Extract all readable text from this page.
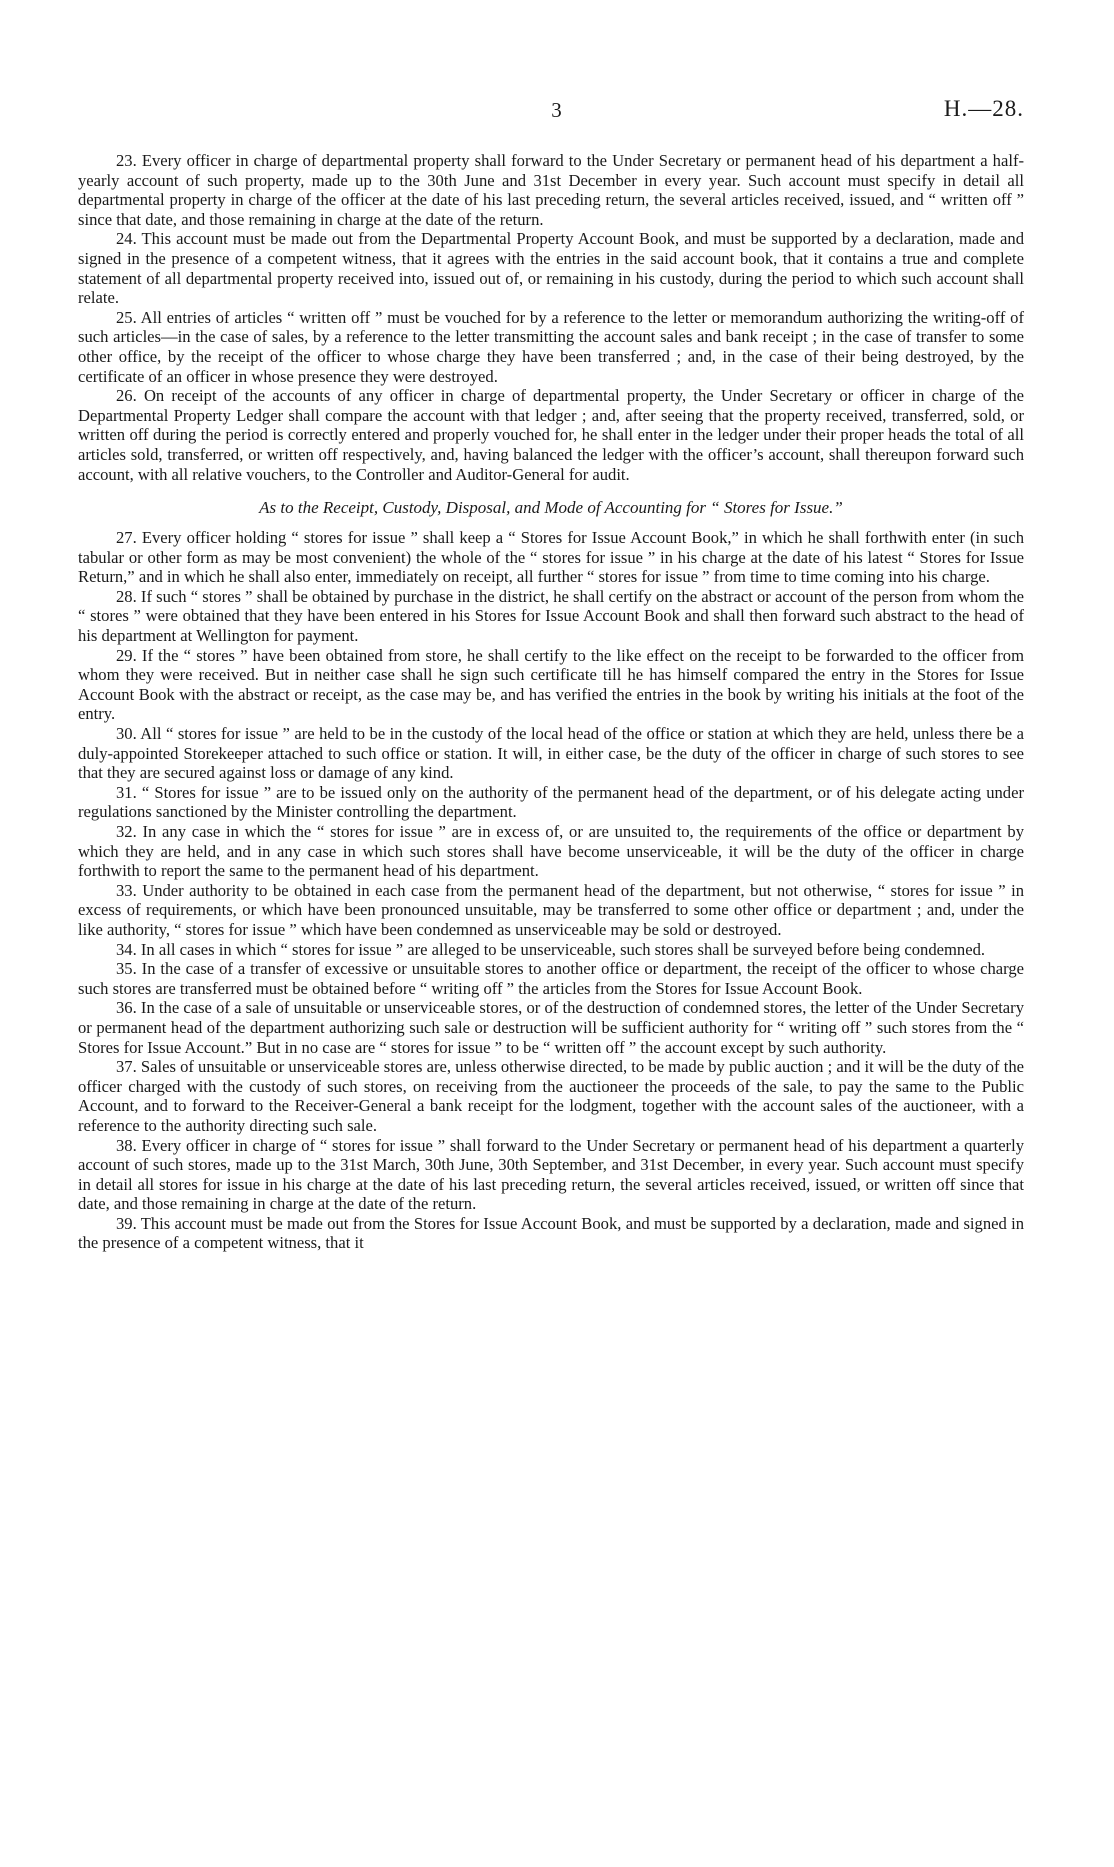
3	H.—28.

23. Every officer in charge of departmental property shall forward to the Under Secretary or permanent head of his department a half-yearly account of such property, made up to the 30th June and 31st December in every year. Such account must specify in detail all departmental property in charge of the officer at the date of his last preceding return, the several articles received, issued, and “ written off ” since that date, and those remaining in charge at the date of the return.

24. This account must be made out from the Departmental Property Account Book, and must be supported by a declaration, made and signed in the presence of a competent witness, that it agrees with the entries in the said account book, that it contains a true and complete statement of all departmental property received into, issued out of, or remaining in his custody, during the period to which such account shall relate.

25. All entries of articles “ written off ” must be vouched for by a reference to the letter or memorandum authorizing the writing-off of such articles—in the case of sales, by a reference to the letter transmitting the account sales and bank receipt ; in the case of transfer to some other office, by the receipt of the officer to whose charge they have been transferred ; and, in the case of their being destroyed, by the certificate of an officer in whose presence they were destroyed.

26. On receipt of the accounts of any officer in charge of departmental property, the Under Secretary or officer in charge of the Departmental Property Ledger shall compare the account with that ledger ; and, after seeing that the property received, transferred, sold, or written off during the period is correctly entered and properly vouched for, he shall enter in the ledger under their proper heads the total of all articles sold, transferred, or written off respectively, and, having balanced the ledger with the officer’s account, shall thereupon forward such account, with all relative vouchers, to the Controller and Auditor-General for audit.

As to the Receipt, Custody, Disposal, and Mode of Accounting for “ Stores for Issue.”

27. Every officer holding “ stores for issue ” shall keep a “ Stores for Issue Account Book,” in which he shall forthwith enter (in such tabular or other form as may be most convenient) the whole of the “ stores for issue ” in his charge at the date of his latest “ Stores for Issue Return,” and in which he shall also enter, immediately on receipt, all further “ stores for issue ” from time to time coming into his charge.

28. If such “ stores ” shall be obtained by purchase in the district, he shall certify on the abstract or account of the person from whom the “ stores ” were obtained that they have been entered in his Stores for Issue Account Book and shall then forward such abstract to the head of his department at Wellington for payment.

29. If the “ stores ” have been obtained from store, he shall certify to the like effect on the receipt to be forwarded to the officer from whom they were received. But in neither case shall he sign such certificate till he has himself compared the entry in the Stores for Issue Account Book with the abstract or receipt, as the case may be, and has verified the entries in the book by writing his initials at the foot of the entry.

30. All “ stores for issue ” are held to be in the custody of the local head of the office or station at which they are held, unless there be a duly-appointed Storekeeper attached to such office or station. It will, in either case, be the duty of the officer in charge of such stores to see that they are secured against loss or damage of any kind.

31. “ Stores for issue ” are to be issued only on the authority of the permanent head of the department, or of his delegate acting under regulations sanctioned by the Minister controlling the department.

32. In any case in which the “ stores for issue ” are in excess of, or are unsuited to, the requirements of the office or department by which they are held, and in any case in which such stores shall have become unserviceable, it will be the duty of the officer in charge forthwith to report the same to the permanent head of his department.

33. Under authority to be obtained in each case from the permanent head of the department, but not otherwise, “ stores for issue ” in excess of requirements, or which have been pronounced unsuitable, may be transferred to some other office or department ; and, under the like authority, “ stores for issue ” which have been condemned as unserviceable may be sold or destroyed.

34. In all cases in which “ stores for issue ” are alleged to be unserviceable, such stores shall be surveyed before being condemned.

35. In the case of a transfer of excessive or unsuitable stores to another office or department, the receipt of the officer to whose charge such stores are transferred must be obtained before “ writing off ” the articles from the Stores for Issue Account Book.

36. In the case of a sale of unsuitable or unserviceable stores, or of the destruction of condemned stores, the letter of the Under Secretary or permanent head of the department authorizing such sale or destruction will be sufficient authority for “ writing off ” such stores from the “ Stores for Issue Account.” But in no case are “ stores for issue ” to be “ written off ” the account except by such authority.

37. Sales of unsuitable or unserviceable stores are, unless otherwise directed, to be made by public auction ; and it will be the duty of the officer charged with the custody of such stores, on receiving from the auctioneer the proceeds of the sale, to pay the same to the Public Account, and to forward to the Receiver-General a bank receipt for the lodgment, together with the account sales of the auctioneer, with a reference to the authority directing such sale.

38. Every officer in charge of “ stores for issue ” shall forward to the Under Secretary or permanent head of his department a quarterly account of such stores, made up to the 31st March, 30th June, 30th September, and 31st December, in every year. Such account must specify in detail all stores for issue in his charge at the date of his last preceding return, the several articles received, issued, or written off since that date, and those remaining in charge at the date of the return.

39. This account must be made out from the Stores for Issue Account Book, and must be supported by a declaration, made and signed in the presence of a competent witness, that it
